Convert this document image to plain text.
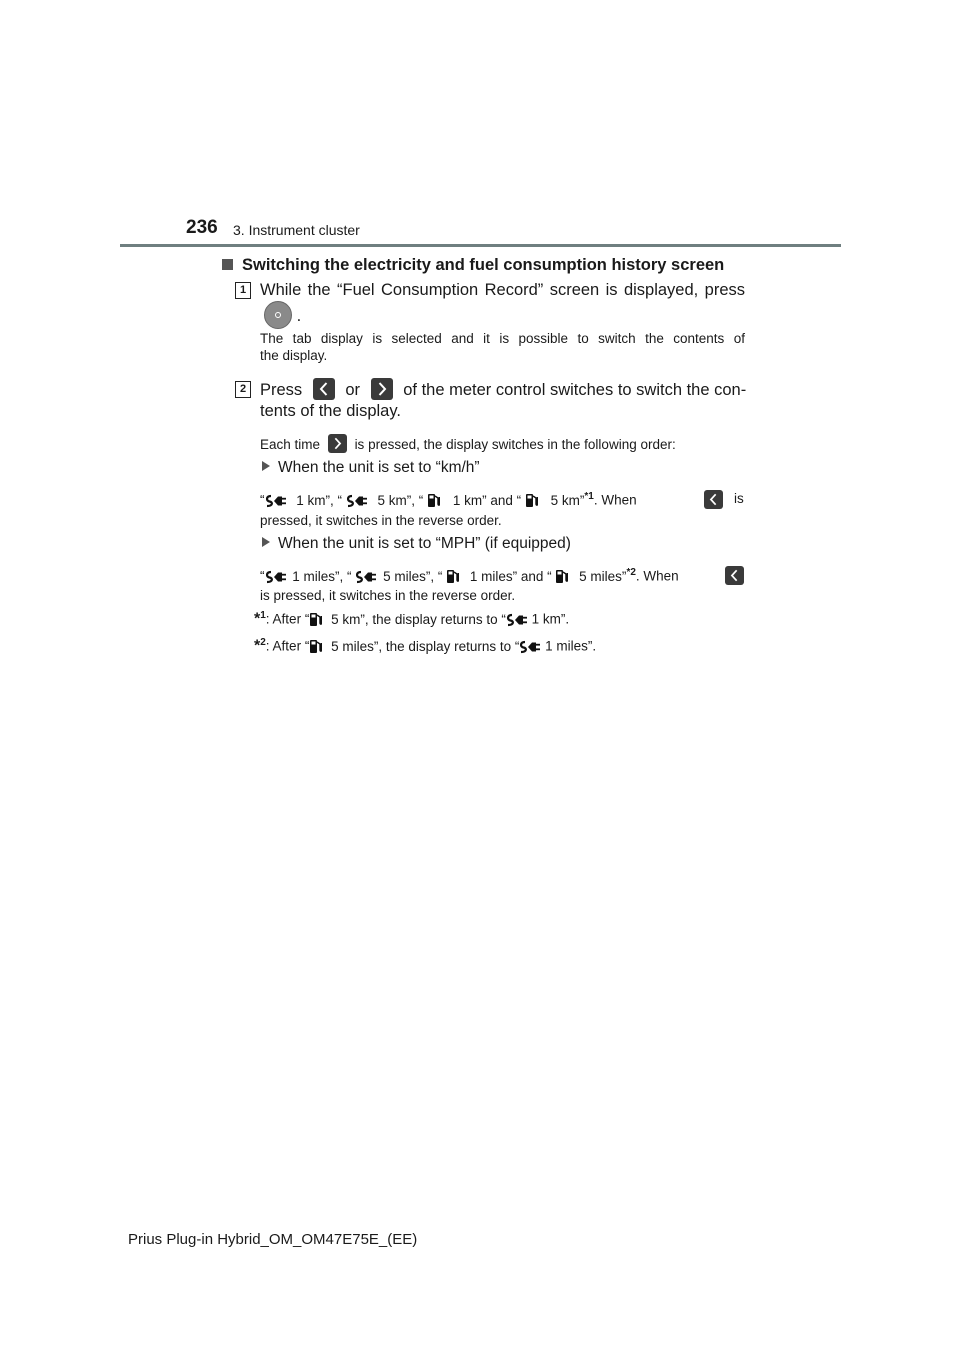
236 3. Instrument cluster
Switching the electricity and fuel consumption history screen
1 While the “Fuel Consumption Record” screen is displayed, press
.
The tab display is selected and it is possible to switch the contents of
the display.
2 Press	or	of the meter control switches to switch the con-
tents of the display.
Each time	is pressed, the display switches in the following order:
When the unit is set to “km/h”
“ 1 km”, “	5 km”, “ 1 km” and “ 5 km”$^{*1}$. When	is
pressed, it switches in the reverse order.
When the unit is set to “MPH” (if equipped)
“ 1 miles”, “ 5 miles”, “ 1 miles” and “ 5 miles”$^{*2}$. When
is pressed, it switches in the reverse order.
*$^1$: After “ 5 km”, the display returns to “ 1 km”.
*$^2$: After “ 5 miles”, the display returns to “ 1 miles”.
Prius Plug-in Hybrid_OM_OM47E75E_(EE)
